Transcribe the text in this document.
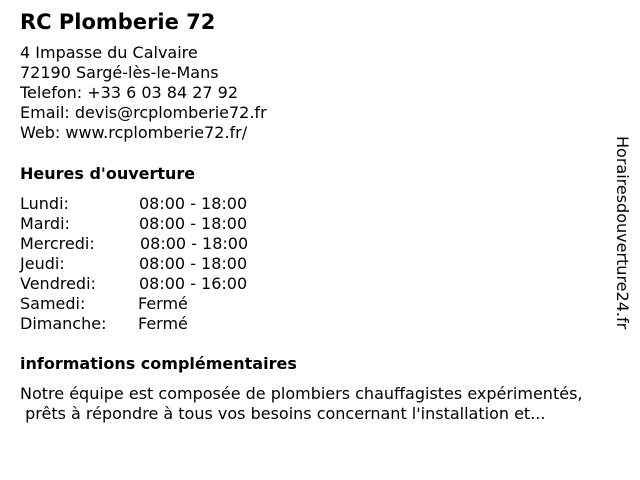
RC Plomberie 72
4 Impasse du Calvaire
72190 Sargé-lès-le-Mans
Telefon: +33 6 03 84 27 92
Email: devis@rcplomberie72.fr
Web: www.rcplomberie72.fr/
Heures d'ouverture
Lundi:	08:00 - 18:00
Mardi:	08:00 - 18:00
Mercredi:	08:00 - 18:00
Jeudi:	08:00 - 18:00
Vendredi:	08:00 - 16:00
Samedi:	Fermé
Dimanche: Fermé
informations complémentaires
Notre équipe est composée de plombiers chauffagistes expérimentés,
prêts à répondre à tous vos besoins concernant l'installation et...
Horairesdouverture24.fr
